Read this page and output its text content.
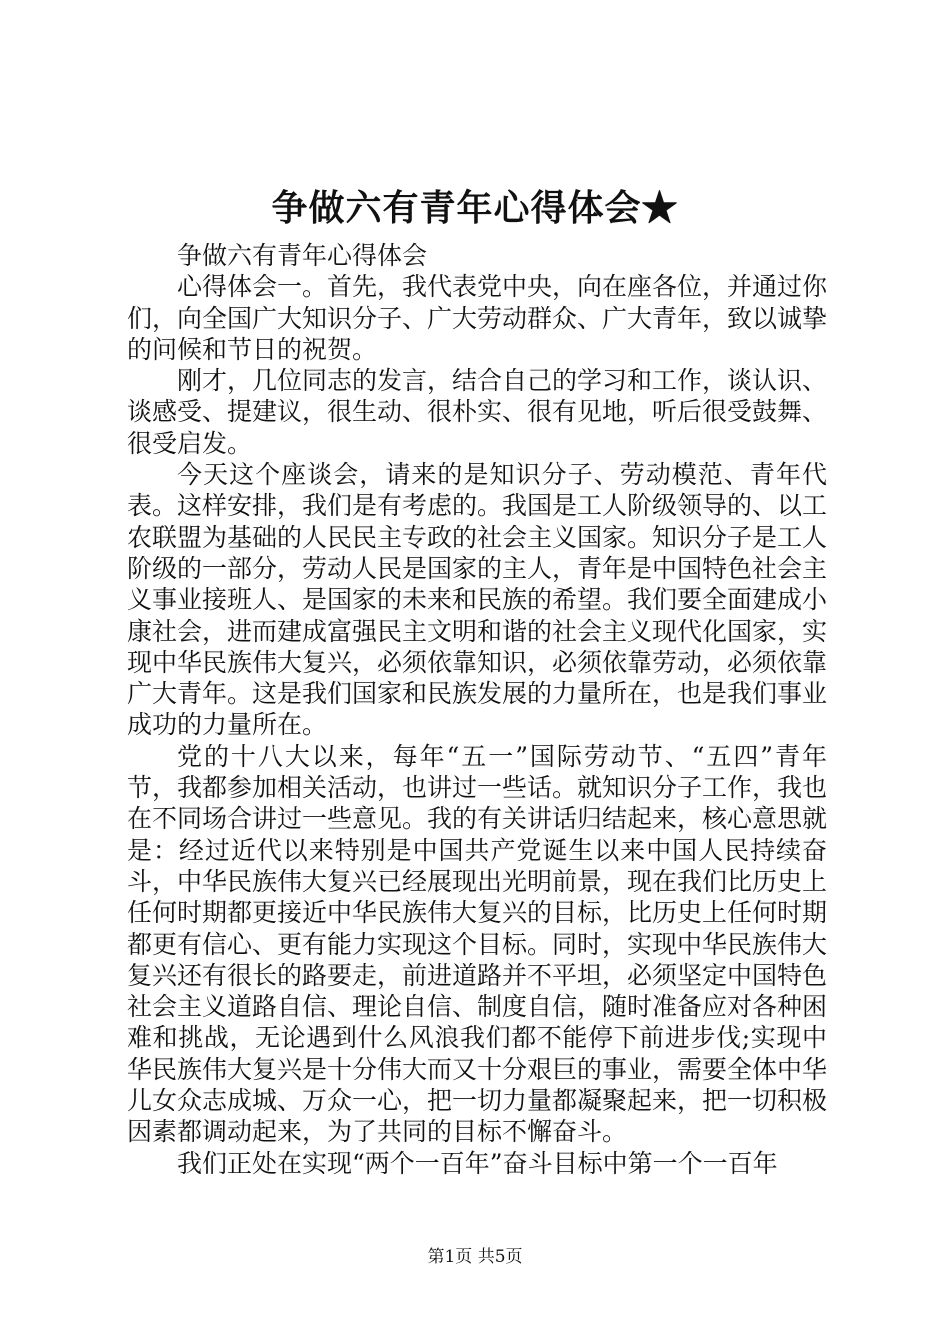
争做六有青年心得体会★

争做六有青年心得体会

心得体会一。首先，我代表党中央，向在座各位，并通过你们，向全国广大知识分子、广大劳动群众、广大青年，致以诚挚的问候和节日的祝贺。

刚才，几位同志的发言，结合自己的学习和工作，谈认识、谈感受、提建议，很生动、很朴实、很有见地，听后很受鼓舞、很受启发。

今天这个座谈会，请来的是知识分子、劳动模范、青年代表。这样安排，我们是有考虑的。我国是工人阶级领导的、以工农联盟为基础的人民民主专政的社会主义国家。知识分子是工人阶级的一部分，劳动人民是国家的主人，青年是中国特色社会主义事业接班人、是国家的未来和民族的希望。我们要全面建成小康社会，进而建成富强民主文明和谐的社会主义现代化国家，实现中华民族伟大复兴，必须依靠知识，必须依靠劳动，必须依靠广大青年。这是我们国家和民族发展的力量所在，也是我们事业成功的力量所在。

党的十八大以来，每年“五一”国际劳动节、“五四”青年节，我都参加相关活动，也讲过一些话。就知识分子工作，我也在不同场合讲过一些意见。我的有关讲话归结起来，核心意思就是：经过近代以来特别是中国共产党诞生以来中国人民持续奋斗，中华民族伟大复兴已经展现出光明前景，现在我们比历史上任何时期都更接近中华民族伟大复兴的目标，比历史上任何时期都更有信心、更有能力实现这个目标。同时，实现中华民族伟大复兴还有很长的路要走，前进道路并不平坦，必须坚定中国特色社会主义道路自信、理论自信、制度自信，随时准备应对各种困难和挑战，无论遇到什么风浪我们都不能停下前进步伐;实现中华民族伟大复兴是十分伟大而又十分艰巨的事业，需要全体中华儿女众志成城、万众一心，把一切力量都凝聚起来，把一切积极因素都调动起来，为了共同的目标不懈奋斗。

我们正处在实现“两个一百年”奋斗目标中第一个一百年

第1页 共5页
